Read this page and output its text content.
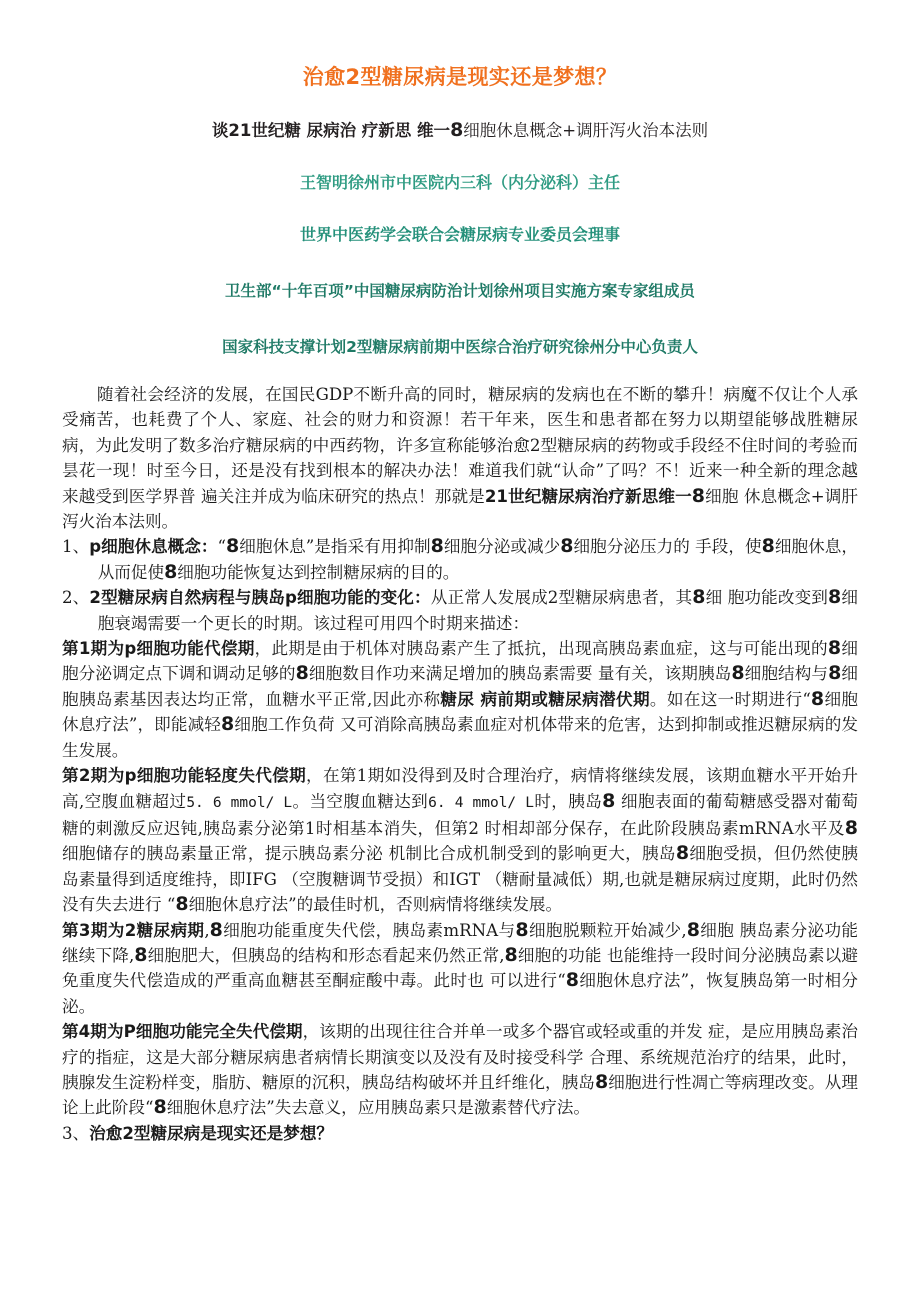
治愈2型糖尿病是现实还是梦想？

谈21世纪糖 尿病治 疗新思 维一8细胞休息概念+调肝泻火治本法则

王智明徐州市中医院内三科（内分泌科）主任

世界中医药学会联合会糖尿病专业委员会理事

卫生部“十年百项”中国糖尿病防治计划徐州项目实施方案专家组成员

国家科技支撑计划2型糖尿病前期中医综合治疗研究徐州分中心负责人

随着社会经济的发展，在国民GDP不断升高的同时，糖尿病的发病也在不断的攀升！病魔不仅让个人承受痛苦，也耗费了个人、家庭、社会的财力和资源！若干年来，医生和患者都在努力以期望能够战胜糖尿病，为此发明了数多治疗糖尿病的中西药物，许多宣称能够治愈2型糖尿病的药物或手段经不住时间的考验而昙花一现！时至今日，还是没有找到根本的解决办法！难道我们就“认命”了吗？不！近来一种全新的理念越来越受到医学界普 遍关注并成为临床研究的热点！那就是21世纪糖尿病治疗新思维一8细胞 休息概念+调肝泻火治本法则。

1、p细胞休息概念：“8细胞休息”是指采有用抑制8细胞分泌或减少8细胞分泌压力的 手段，使8细胞休息，从而促使8细胞功能恢复达到控制糖尿病的目的。

2、2型糖尿病自然病程与胰岛p细胞功能的变化：从正常人发展成2型糖尿病患者，其8细 胞功能改变到8细胞衰竭需要一个更长的时期。该过程可用四个时期来描述：

第1期为p细胞功能代偿期，此期是由于机体对胰岛素产生了抵抗，出现高胰岛素血症，这与可能出现的8细胞分泌调定点下调和调动足够的8细胞数目作功来满足增加的胰岛素需要 量有关，该期胰岛8细胞结构与8细胞胰岛素基因表达均正常，血糖水平正常,因此亦称糖尿 病前期或糖尿病潜伏期。如在这一时期进行“8细胞休息疗法”，即能减轻8细胞工作负荷 又可消除高胰岛素血症对机体带来的危害，达到抑制或推迟糖尿病的发生发展。

第2期为p细胞功能轻度失代偿期，在第1期如没得到及时合理治疗，病情将继续发展，该期血糖水平开始升高,空腹血糖超过5. 6 mmol/ L。当空腹血糖达到6. 4 mmol/ L时，胰岛8 细胞表面的葡萄糖感受器对葡萄糖的刺激反应迟钝,胰岛素分泌第1时相基本消失，但第2 时相却部分保存，在此阶段胰岛素mRNA水平及8细胞储存的胰岛素量正常，提示胰岛素分泌 机制比合成机制受到的影响更大，胰岛8细胞受损，但仍然使胰岛素量得到适度维持，即IFG （空腹糖调节受损）和IGT （糖耐量减低）期,也就是糖尿病过度期，此时仍然没有失去进行 “8细胞休息疗法”的最佳时机，否则病情将继续发展。

第3期为2糖尿病期,8细胞功能重度失代偿，胰岛素mRNA与8细胞脱颗粒开始减少,8细胞 胰岛素分泌功能继续下降,8细胞肥大，但胰岛的结构和形态看起来仍然正常,8细胞的功能 也能维持一段时间分泌胰岛素以避免重度失代偿造成的严重高血糖甚至酮症酸中毒。此时也 可以进行“8细胞休息疗法”，恢复胰岛第一时相分泌。

第4期为P细胞功能完全失代偿期，该期的出现往往合并单一或多个器官或轻或重的并发 症，是应用胰岛素治疗的指症，这是大部分糖尿病患者病情长期演变以及没有及时接受科学 合理、系统规范治疗的结果，此时，胰腺发生淀粉样变，脂肪、糖原的沉积，胰岛结构破坏并且纤维化，胰岛8细胞进行性凋亡等病理改变。从理论上此阶段“8细胞休息疗法”失去意义，应用胰岛素只是激素替代疗法。

3、治愈2型糖尿病是现实还是梦想？
